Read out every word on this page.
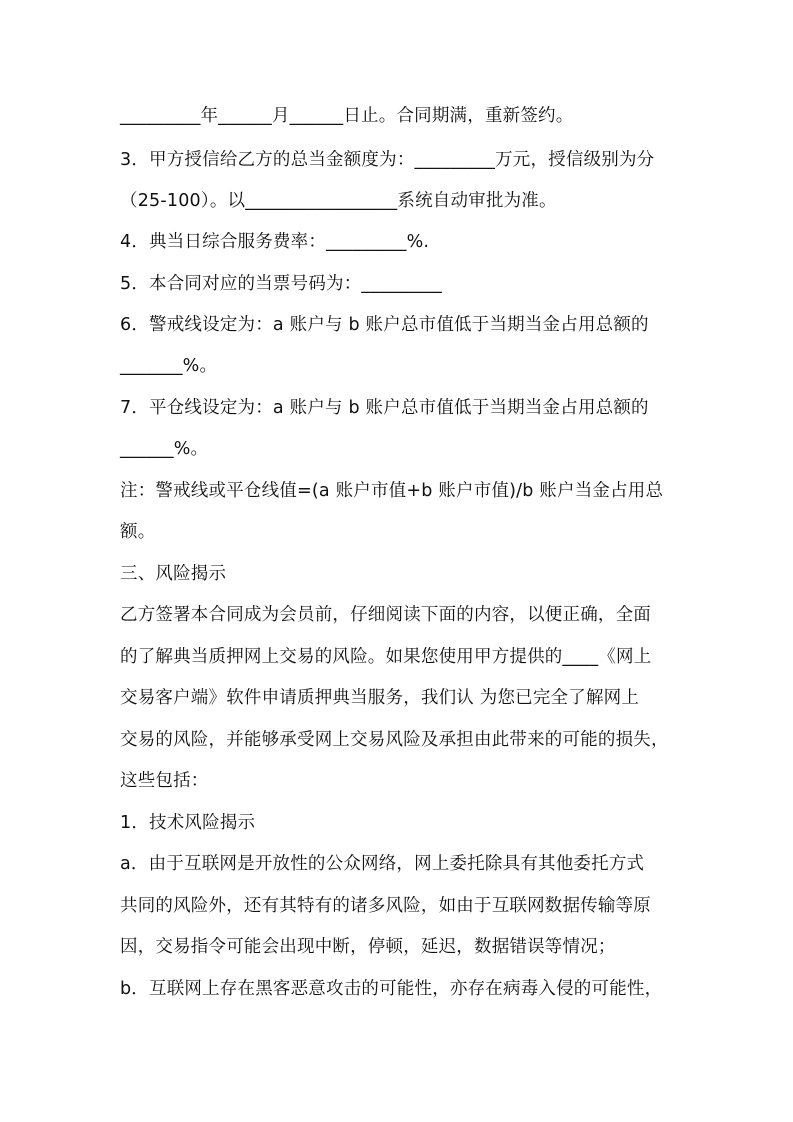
_________年______月______日止。合同期满，重新签约。
3．甲方授信给乙方的总当金额度为：_________万元，授信级别为分
（25-100）。以_________________系统自动审批为准。
4．典当日综合服务费率：_________%.
5．本合同对应的当票号码为：_________
6．警戒线设定为：a 账户与 b 账户总市值低于当期当金占用总额的
_______%。
7．平仓线设定为：a 账户与 b 账户总市值低于当期当金占用总额的
______%。
注：警戒线或平仓线值=(a 账户市值+b 账户市值)/b 账户当金占用总
额。
三、风险揭示
乙方签署本合同成为会员前，仔细阅读下面的内容，以便正确，全面
的了解典当质押网上交易的风险。如果您使用甲方提供的____《网上
交易客户端》软件申请质押典当服务，我们认 为您已完全了解网上
交易的风险，并能够承受网上交易风险及承担由此带来的可能的损失，
这些包括：
1．技术风险揭示
a．由于互联网是开放性的公众网络，网上委托除具有其他委托方式
共同的风险外，还有其特有的诸多风险，如由于互联网数据传输等原
因，交易指令可能会出现中断，停顿，延迟，数据错误等情况；
b．互联网上存在黑客恶意攻击的可能性，亦存在病毒入侵的可能性，
